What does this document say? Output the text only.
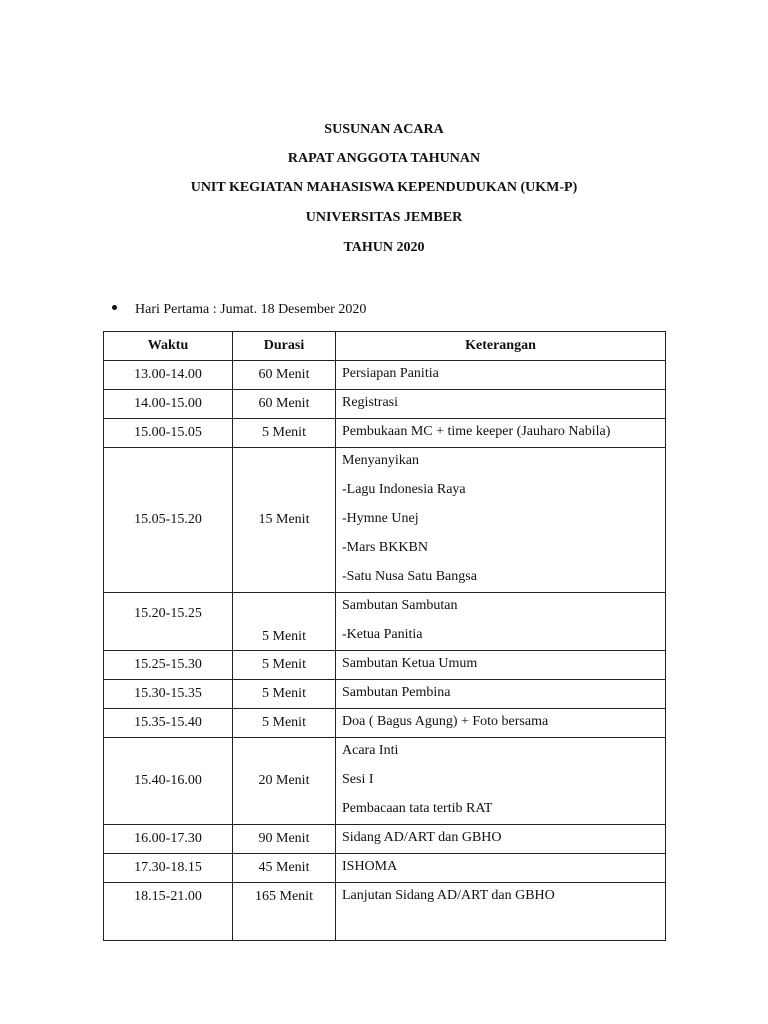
SUSUNAN ACARA
RAPAT ANGGOTA TAHUNAN
UNIT KEGIATAN MAHASISWA KEPENDUDUKAN (UKM-P)
UNIVERSITAS JEMBER
TAHUN 2020
Hari Pertama : Jumat. 18 Desember 2020
Waktu	Durasi	Keterangan
13.00-14.00	60 Menit	Persiapan Panitia

14.00-15.00	60 Menit	Registrasi

15.00-15.05	5 Menit	Pembukaan MC + time keeper (Jauharo Nabila)

15.05-15.20	15 Menit	Menyanyikan
-Lagu Indonesia Raya
-Hymne Unej
-Mars BKKBN
-Satu Nusa Satu Bangsa

15.20-15.25	5 Menit	Sambutan Sambutan
-Ketua Panitia

15.25-15.30	5 Menit	Sambutan Ketua Umum

15.30-15.35	5 Menit	Sambutan Pembina

15.35-15.40	5 Menit	Doa ( Bagus Agung) + Foto bersama

15.40-16.00	20 Menit	Acara Inti
Sesi I
Pembacaan tata tertib RAT

16.00-17.30	90 Menit	Sidang AD/ART dan GBHO

17.30-18.15	45 Menit	ISHOMA

18.15-21.00	165 Menit	Lanjutan Sidang AD/ART dan GBHO
